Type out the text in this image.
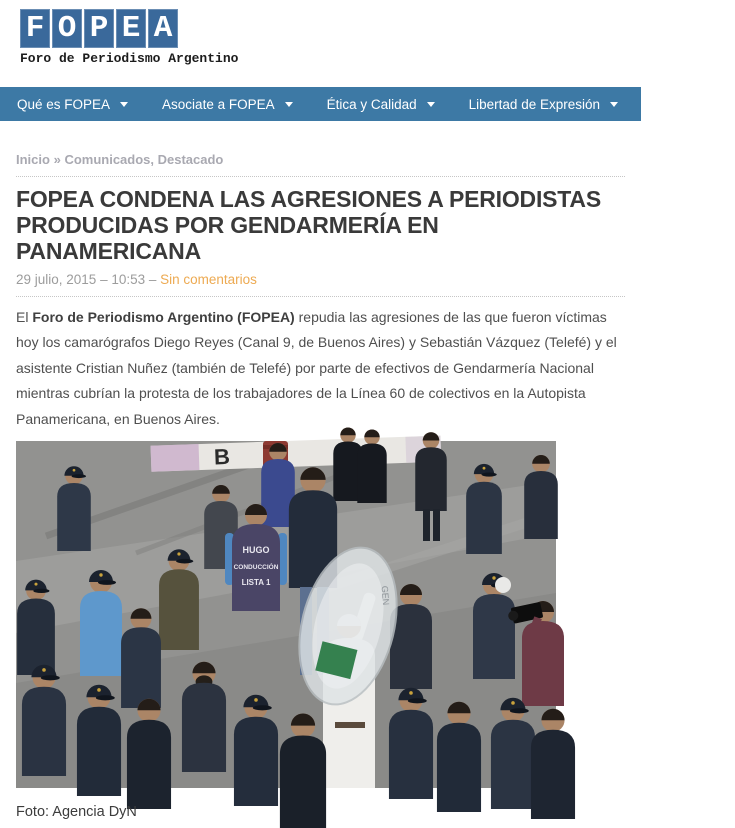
F O P E A
Foro de Periodismo Argentino
Qué es FOPEA	Asociate a FOPEA	Ética y Calidad	Libertad de Expresión	Noticias
Inicio » Comunicados, Destacado
FOPEA CONDENA LAS AGRESIONES A PERIODISTAS PRODUCIDAS POR GENDARMERÍA EN PANAMERICANA
29 julio, 2015 – 10:53 – Sin comentarios

El Foro de Periodismo Argentino (FOPEA) repudia las agresiones de las que fueron víctimas hoy los camarógrafos Diego Reyes (Canal 9, de Buenos Aires) y Sebastián Vázquez (Telefé) y el asistente Cristian Nuñez (también de Telefé) por parte de efectivos de Gendarmería Nacional mientras cubrían la protesta de los trabajadores de la Línea 60 de colectivos en la Autopista Panamericana, en Buenos Aires.

B
HUGO
CONDUCCIÓN
LISTA 1
GEN
Foto: Agencia DyN
